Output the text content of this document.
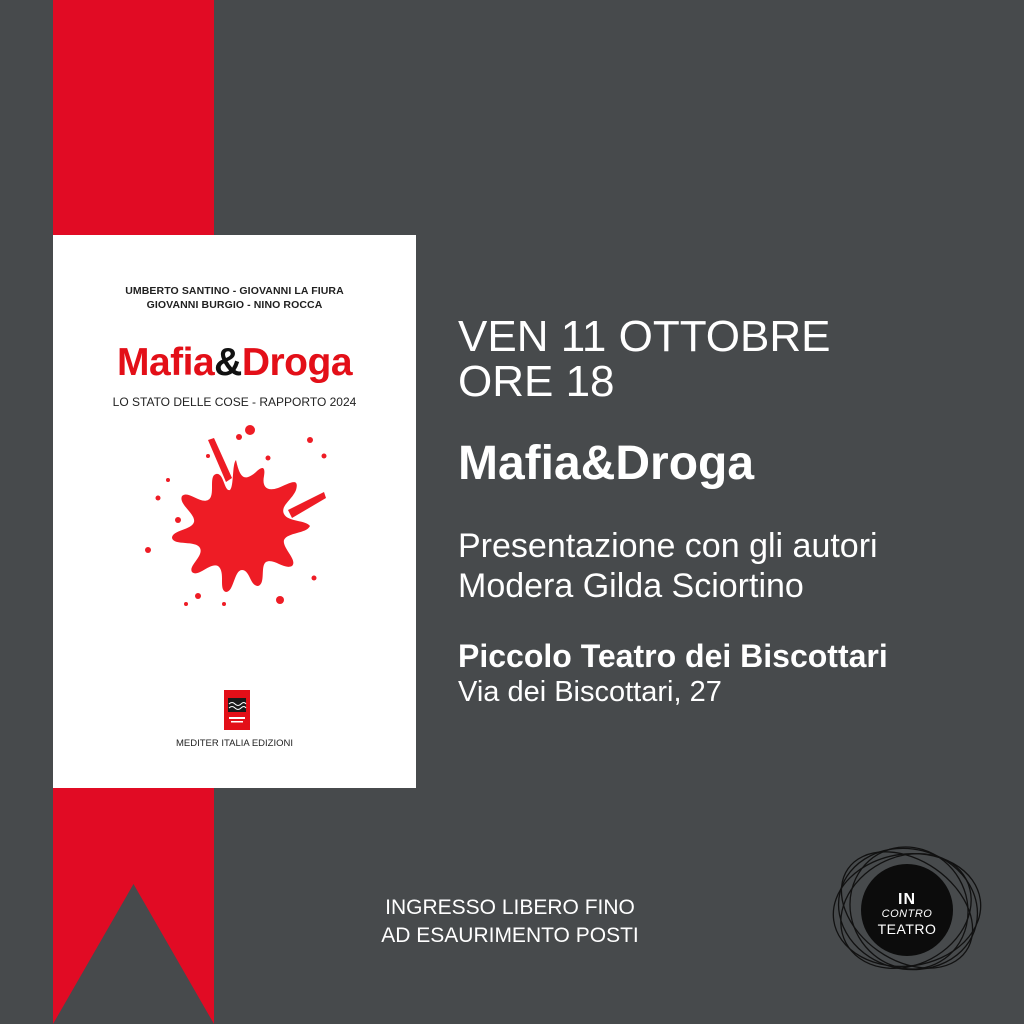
UMBERTO SANTINO - GIOVANNI LA FIURA
GIOVANNI BURGIO - NINO ROCCA
Mafia&Droga
LO STATO DELLE COSE - RAPPORTO 2024
MEDITER ITALIA EDIZIONI
VEN 11 OTTOBRE
ORE 18
Mafia&Droga
Presentazione con gli autori
Modera Gilda Sciortino
Piccolo Teatro dei Biscottari
Via dei Biscottari, 27
INGRESSO LIBERO FINO
AD ESAURIMENTO POSTI
IN
CONTRO
TEATRO
